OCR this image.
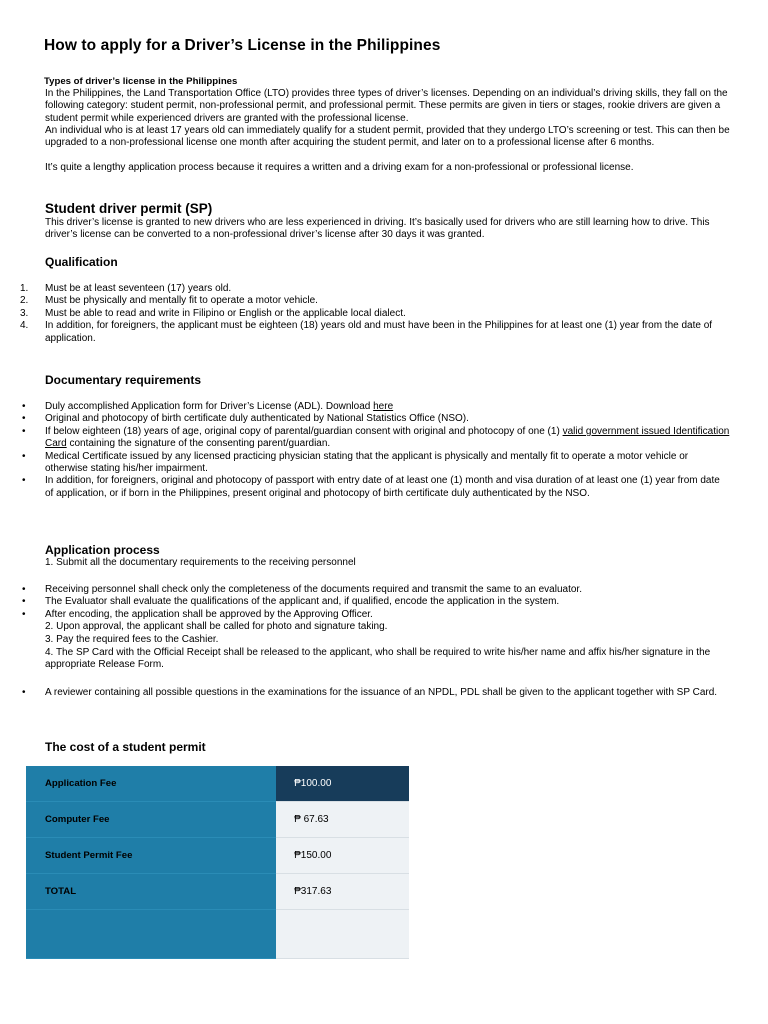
How to apply for a Driver’s License in the Philippines

Types of driver’s license in the Philippines

In the Philippines, the Land Transportation Office (LTO) provides three types of driver’s licenses. Depending on an individual’s driving skills, they fall on the following category: student permit, non-professional permit, and professional permit. These permits are given in tiers or stages, rookie drivers are given a student permit while experienced drivers are granted with the professional license.

An individual who is at least 17 years old can immediately qualify for a student permit, provided that they undergo LTO’s screening or test. This can then be upgraded to a non-professional license one month after acquiring the student permit, and later on to a professional license after 6 months.

It’s quite a lengthy application process because it requires a written and a driving exam for a non-professional or professional license.

Student driver permit (SP)

This driver’s license is granted to new drivers who are less experienced in driving. It’s basically used for drivers who are still learning how to drive. This driver’s license can be converted to a non-professional driver’s license after 30 days it was granted.

Qualification

1. Must be at least seventeen (17) years old.
2. Must be physically and mentally fit to operate a motor vehicle.
3. Must be able to read and write in Filipino or English or the applicable local dialect.
4. In addition, for foreigners, the applicant must be eighteen (18) years old and must have been in the Philippines for at least one (1) year from the date of application.

Documentary requirements

• Duly accomplished Application form for Driver’s License (ADL). Download here
• Original and photocopy of birth certificate duly authenticated by National Statistics Office (NSO).
• If below eighteen (18) years of age, original copy of parental/guardian consent with original and photocopy of one (1) valid government issued Identification Card containing the signature of the consenting parent/guardian.
• Medical Certificate issued by any licensed practicing physician stating that the applicant is physically and mentally fit to operate a motor vehicle or otherwise stating his/her impairment.
• In addition, for foreigners, original and photocopy of passport with entry date of at least one (1) month and visa duration of at least one (1) year from date of application, or if born in the Philippines, present original and photocopy of birth certificate duly authenticated by the NSO.

Application process

1. Submit all the documentary requirements to the receiving personnel

• Receiving personnel shall check only the completeness of the documents required and transmit the same to an evaluator.
• The Evaluator shall evaluate the qualifications of the applicant and, if qualified, encode the application in the system.
• After encoding, the application shall be approved by the Approving Officer.

2. Upon approval, the applicant shall be called for photo and signature taking.

3. Pay the required fees to the Cashier.

4. The SP Card with the Official Receipt shall be released to the applicant, who shall be required to write his/her name and affix his/her signature in the appropriate Release Form.

• A reviewer containing all possible questions in the examinations for the issuance of an NPDL, PDL shall be given to the applicant together with SP Card.

The cost of a student permit

Application Fee	₱100.00
Computer Fee	₱ 67.63
Student Permit Fee	₱150.00
TOTAL	₱317.63
